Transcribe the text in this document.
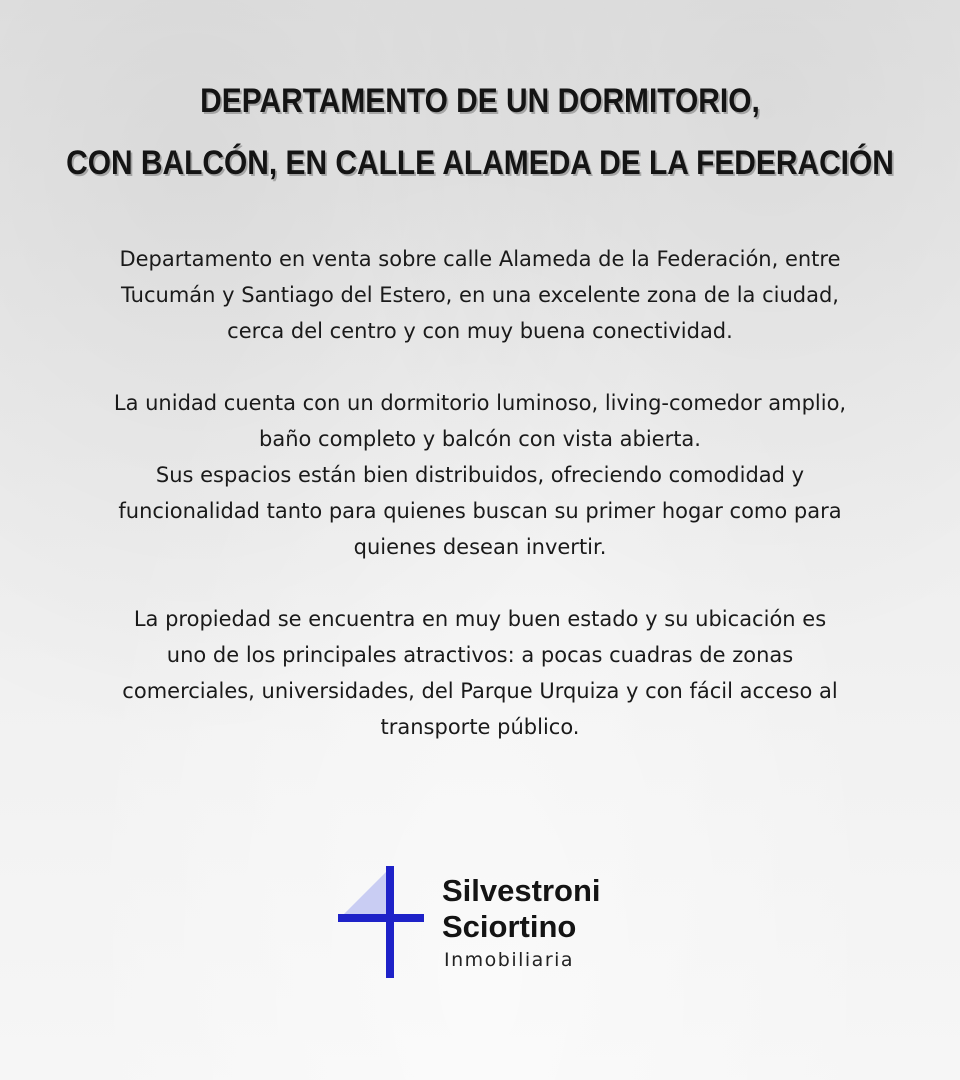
DEPARTAMENTO DE UN DORMITORIO,
CON BALCÓN, EN CALLE ALAMEDA DE LA FEDERACIÓN

Departamento en venta sobre calle Alameda de la Federación, entre
Tucumán y Santiago del Estero, en una excelente zona de la ciudad,
cerca del centro y con muy buena conectividad.

La unidad cuenta con un dormitorio luminoso, living-comedor amplio,
baño completo y balcón con vista abierta.
Sus espacios están bien distribuidos, ofreciendo comodidad y
funcionalidad tanto para quienes buscan su primer hogar como para
quienes desean invertir.

La propiedad se encuentra en muy buen estado y su ubicación es
uno de los principales atractivos: a pocas cuadras de zonas
comerciales, universidades, del Parque Urquiza y con fácil acceso al
transporte público.

Silvestroni
Sciortino
Inmobiliaria
